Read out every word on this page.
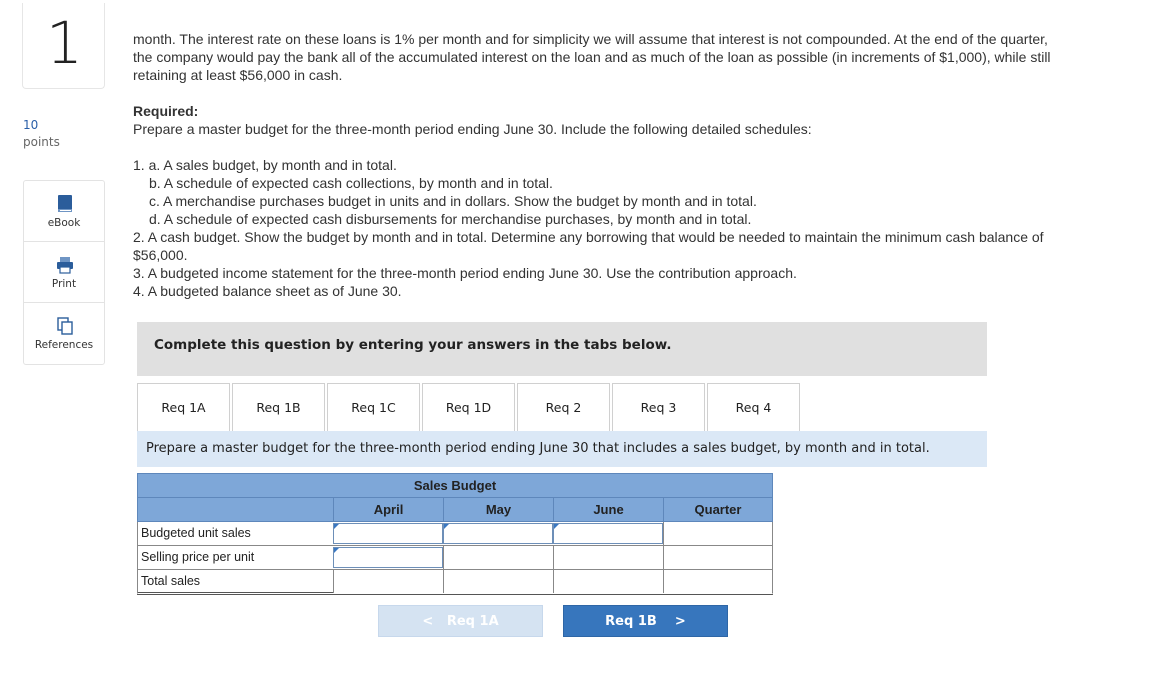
1
10
points
eBook
Print
References

month. The interest rate on these loans is 1% per month and for simplicity we will assume that interest is not compounded. At the end of the quarter, the company would pay the bank all of the accumulated interest on the loan and as much of the loan as possible (in increments of $1,000), while still retaining at least $56,000 in cash.

Required:
Prepare a master budget for the three-month period ending June 30. Include the following detailed schedules:
1. a. A sales budget, by month and in total.
b. A schedule of expected cash collections, by month and in total.
c. A merchandise purchases budget in units and in dollars. Show the budget by month and in total.
d. A schedule of expected cash disbursements for merchandise purchases, by month and in total.
2. A cash budget. Show the budget by month and in total. Determine any borrowing that would be needed to maintain the minimum cash balance of $56,000.
3. A budgeted income statement for the three-month period ending June 30. Use the contribution approach.
4. A budgeted balance sheet as of June 30.
Complete this question by entering your answers in the tabs below.
Req 1A	Req 1B	Req 1C	Req 1D	Req 2	Req 3	Req 4
Prepare a master budget for the three-month period ending June 30 that includes a sales budget, by month and in total.
Sales Budget
April	May	June	Quarter
Budgeted unit sales
Selling price per unit
Total sales
< Req 1A	Req 1B >
